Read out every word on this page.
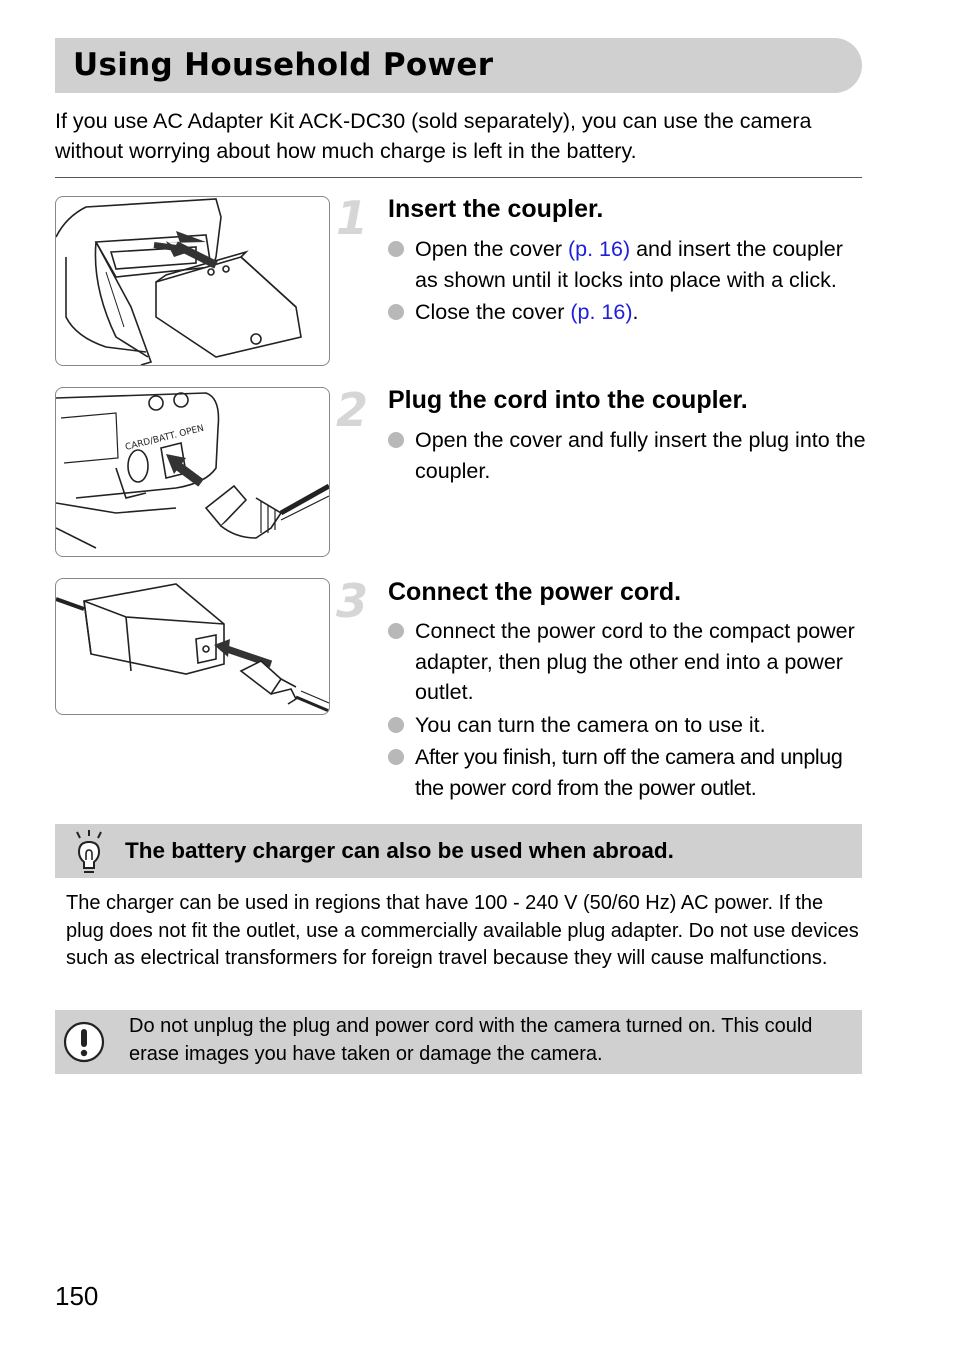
Using Household Power
If you use AC Adapter Kit ACK-DC30 (sold separately), you can use the camera without worrying about how much charge is left in the battery.
1 Insert the coupler.
Open the cover (p. 16) and insert the coupler as shown until it locks into place with a click.
Close the cover (p. 16).
CARD/BATT. OPEN
2 Plug the cord into the coupler.
Open the cover and fully insert the plug into the coupler.
3 Connect the power cord.
Connect the power cord to the compact power adapter, then plug the other end into a power outlet.
You can turn the camera on to use it.
After you finish, turn off the camera and unplug the power cord from the power outlet.
The battery charger can also be used when abroad.
The charger can be used in regions that have 100 - 240 V (50/60 Hz) AC power. If the plug does not fit the outlet, use a commercially available plug adapter. Do not use devices such as electrical transformers for foreign travel because they will cause malfunctions.
Do not unplug the plug and power cord with the camera turned on. This could erase images you have taken or damage the camera.
150
